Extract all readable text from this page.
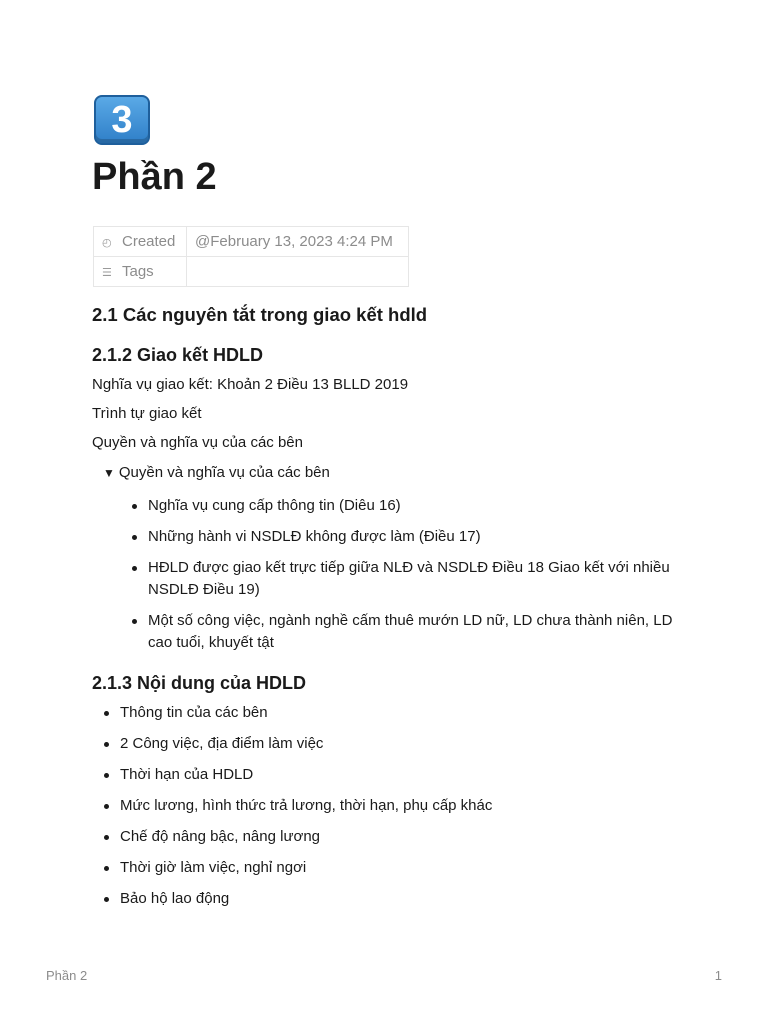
3
Phần 2
◴ Created	@February 13, 2023 4:24 PM
☰ Tags	
2.1 Các nguyên tắt trong giao kết hdld
2.1.2 Giao kết HDLD

Nghĩa vụ giao kết: Khoản 2 Điều 13 BLLD 2019

Trình tự giao kết

Quyền và nghĩa vụ của các bên

▼ Quyền và nghĩa vụ của các bên
Nghĩa vụ cung cấp thông tin (Diêu 16)
Những hành vi NSDLĐ không được làm (Điều 17)
HĐLD được giao kết trực tiếp giữa NLĐ và NSDLĐ Điều 18 Giao kết với nhiều NSDLĐ Điều 19)
Một số công việc, ngành nghề cấm thuê mướn LD nữ, LD chưa thành niên, LD cao tuổi, khuyết tật
2.1.3 Nội dung của HDLD
Thông tin của các bên
2 Công việc, địa điểm làm việc
Thời hạn của HDLD
Mức lương, hình thức trả lương, thời hạn, phụ cấp khác
Chế độ nâng bậc, nâng lương
Thời giờ làm việc, nghỉ ngơi
Bảo hộ lao động
Phần 2	1
